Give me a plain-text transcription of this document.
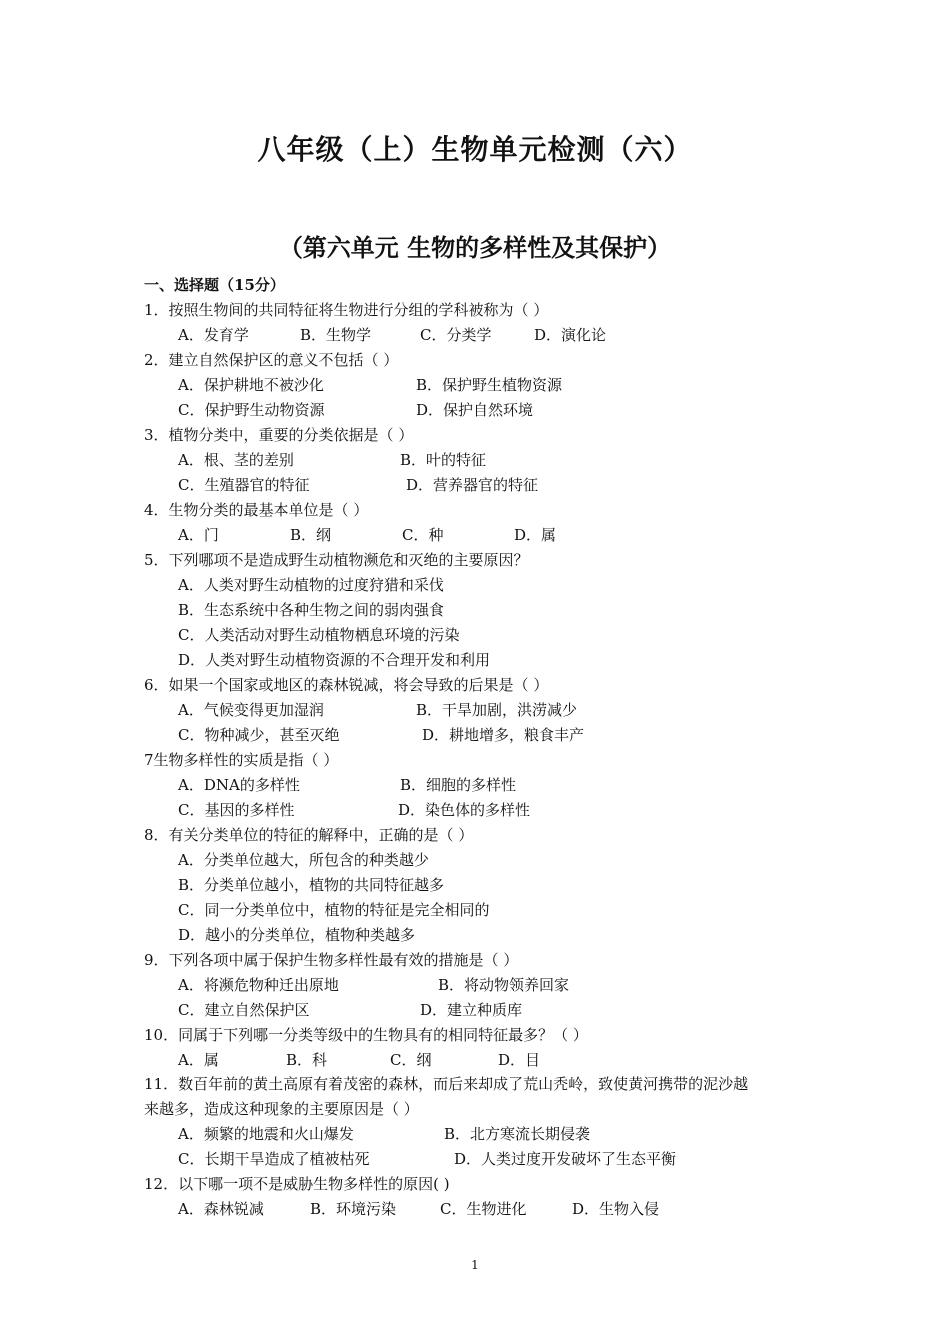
八年级（上）生物单元检测（六）
（第六单元 生物的多样性及其保护）
一、选择题（15分）
1．按照生物间的共同特征将生物进行分组的学科被称为（ ）
A．发育学	B．生物学	C．分类学	D．演化论
2．建立自然保护区的意义不包括（ ）
A．保护耕地不被沙化	B．保护野生植物资源
C．保护野生动物资源	D．保护自然环境
3．植物分类中，重要的分类依据是（ ）
A．根、茎的差别	B．叶的特征
C．生殖器官的特征	D．营养器官的特征
4．生物分类的最基本单位是（ ）
A．门	B．纲	C．种	D．属
5．下列哪项不是造成野生动植物濒危和灭绝的主要原因？
A．人类对野生动植物的过度狩猎和采伐
B．生态系统中各种生物之间的弱肉强食
C．人类活动对野生动植物栖息环境的污染
D．人类对野生动植物资源的不合理开发和利用
6．如果一个国家或地区的森林锐减，将会导致的后果是（ ）
A．气候变得更加湿润	B．干旱加剧，洪涝减少
C．物种减少，甚至灭绝	D．耕地增多，粮食丰产
7生物多样性的实质是指（ ）
A．DNA的多样性	B．细胞的多样性
C．基因的多样性	D．染色体的多样性
8．有关分类单位的特征的解释中，正确的是（ ）
A．分类单位越大，所包含的种类越少
B．分类单位越小，植物的共同特征越多
C．同一分类单位中，植物的特征是完全相同的
D．越小的分类单位，植物种类越多
9．下列各项中属于保护生物多样性最有效的措施是（ ）
A．将濒危物种迁出原地	B．将动物领养回家
C．建立自然保护区	D．建立种质库
10．同属于下列哪一分类等级中的生物具有的相同特征最多？（ ）
A．属	B．科	C．纲	D．目
11．数百年前的黄土高原有着茂密的森林，而后来却成了荒山秃岭，致使黄河携带的泥沙越
来越多，造成这种现象的主要原因是（ ）
A．频繁的地震和火山爆发	B．北方寒流长期侵袭
C．长期干旱造成了植被枯死	D．人类过度开发破坏了生态平衡
12．以下哪一项不是威胁生物多样性的原因( )
A．森林锐减	B．环境污染	C．生物进化	D．生物入侵
1
